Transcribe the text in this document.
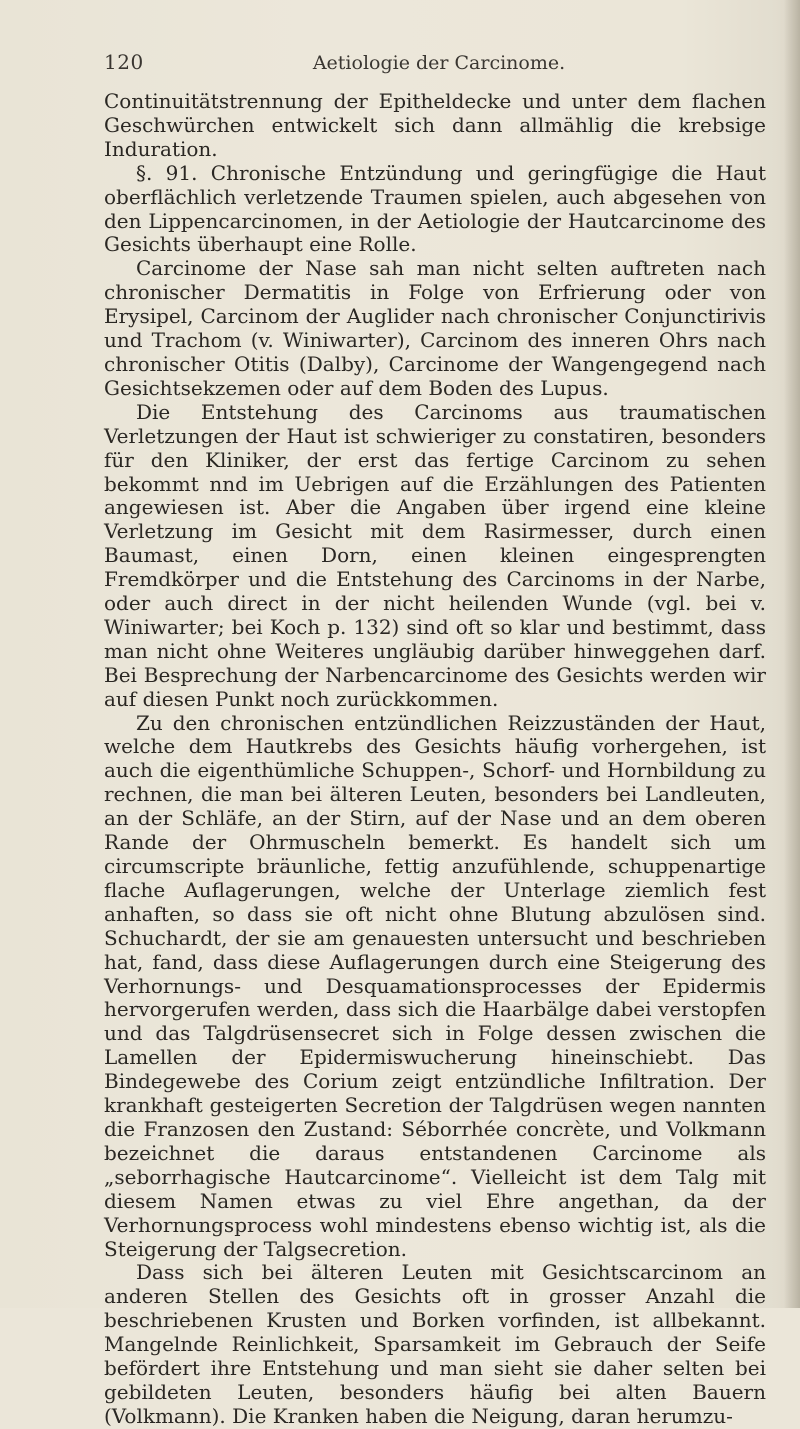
120	Aetiologie der Carcinome.

Continuitätstrennung der Epitheldecke und unter dem flachen Geschwürchen entwickelt sich dann allmählig die krebsige Induration.

§. 91. Chronische Entzündung und geringfügige die Haut oberflächlich verletzende Traumen spielen, auch abgesehen von den Lippencarcinomen, in der Aetiologie der Hautcarcinome des Gesichts überhaupt eine Rolle.

Carcinome der Nase sah man nicht selten auftreten nach chronischer Dermatitis in Folge von Erfrierung oder von Erysipel, Carcinom der Auglider nach chronischer Conjunctirivis und Trachom (v. Winiwarter), Carcinom des inneren Ohrs nach chronischer Otitis (Dalby), Carcinome der Wangengegend nach Gesichtsekzemen oder auf dem Boden des Lupus.

Die Entstehung des Carcinoms aus traumatischen Verletzungen der Haut ist schwieriger zu constatiren, besonders für den Kliniker, der erst das fertige Carcinom zu sehen bekommt nnd im Uebrigen auf die Erzählungen des Patienten angewiesen ist. Aber die Angaben über irgend eine kleine Verletzung im Gesicht mit dem Rasirmesser, durch einen Baumast, einen Dorn, einen kleinen eingesprengten Fremdkörper und die Entstehung des Carcinoms in der Narbe, oder auch direct in der nicht heilenden Wunde (vgl. bei v. Winiwarter; bei Koch p. 132) sind oft so klar und bestimmt, dass man nicht ohne Weiteres ungläubig darüber hinweggehen darf. Bei Besprechung der Narbencarcinome des Gesichts werden wir auf diesen Punkt noch zurückkommen.

Zu den chronischen entzündlichen Reizzuständen der Haut, welche dem Hautkrebs des Gesichts häufig vorhergehen, ist auch die eigenthümliche Schuppen-, Schorf- und Hornbildung zu rechnen, die man bei älteren Leuten, besonders bei Landleuten, an der Schläfe, an der Stirn, auf der Nase und an dem oberen Rande der Ohrmuscheln bemerkt. Es handelt sich um circumscripte bräunliche, fettig anzufühlende, schuppenartige flache Auflagerungen, welche der Unterlage ziemlich fest anhaften, so dass sie oft nicht ohne Blutung abzulösen sind. Schuchardt, der sie am genauesten untersucht und beschrieben hat, fand, dass diese Auflagerungen durch eine Steigerung des Verhornungs- und Desquamationsprocesses der Epidermis hervorgerufen werden, dass sich die Haarbälge dabei verstopfen und das Talgdrüsensecret sich in Folge dessen zwischen die Lamellen der Epidermiswucherung hineinschiebt. Das Bindegewebe des Corium zeigt entzündliche Infiltration. Der krankhaft gesteigerten Secretion der Talgdrüsen wegen nannten die Franzosen den Zustand: Séborrhée concrète, und Volkmann bezeichnet die daraus entstandenen Carcinome als „seborrhagische Hautcarcinome“. Vielleicht ist dem Talg mit diesem Namen etwas zu viel Ehre angethan, da der Verhornungsprocess wohl mindestens ebenso wichtig ist, als die Steigerung der Talgsecretion.

Dass sich bei älteren Leuten mit Gesichtscarcinom an anderen Stellen des Gesichts oft in grosser Anzahl die beschriebenen Krusten und Borken vorfinden, ist allbekannt. Mangelnde Reinlichkeit, Sparsamkeit im Gebrauch der Seife befördert ihre Entstehung und man sieht sie daher selten bei gebildeten Leuten, besonders häufig bei alten Bauern (Volkmann). Die Kranken haben die Neigung, daran herumzu-
